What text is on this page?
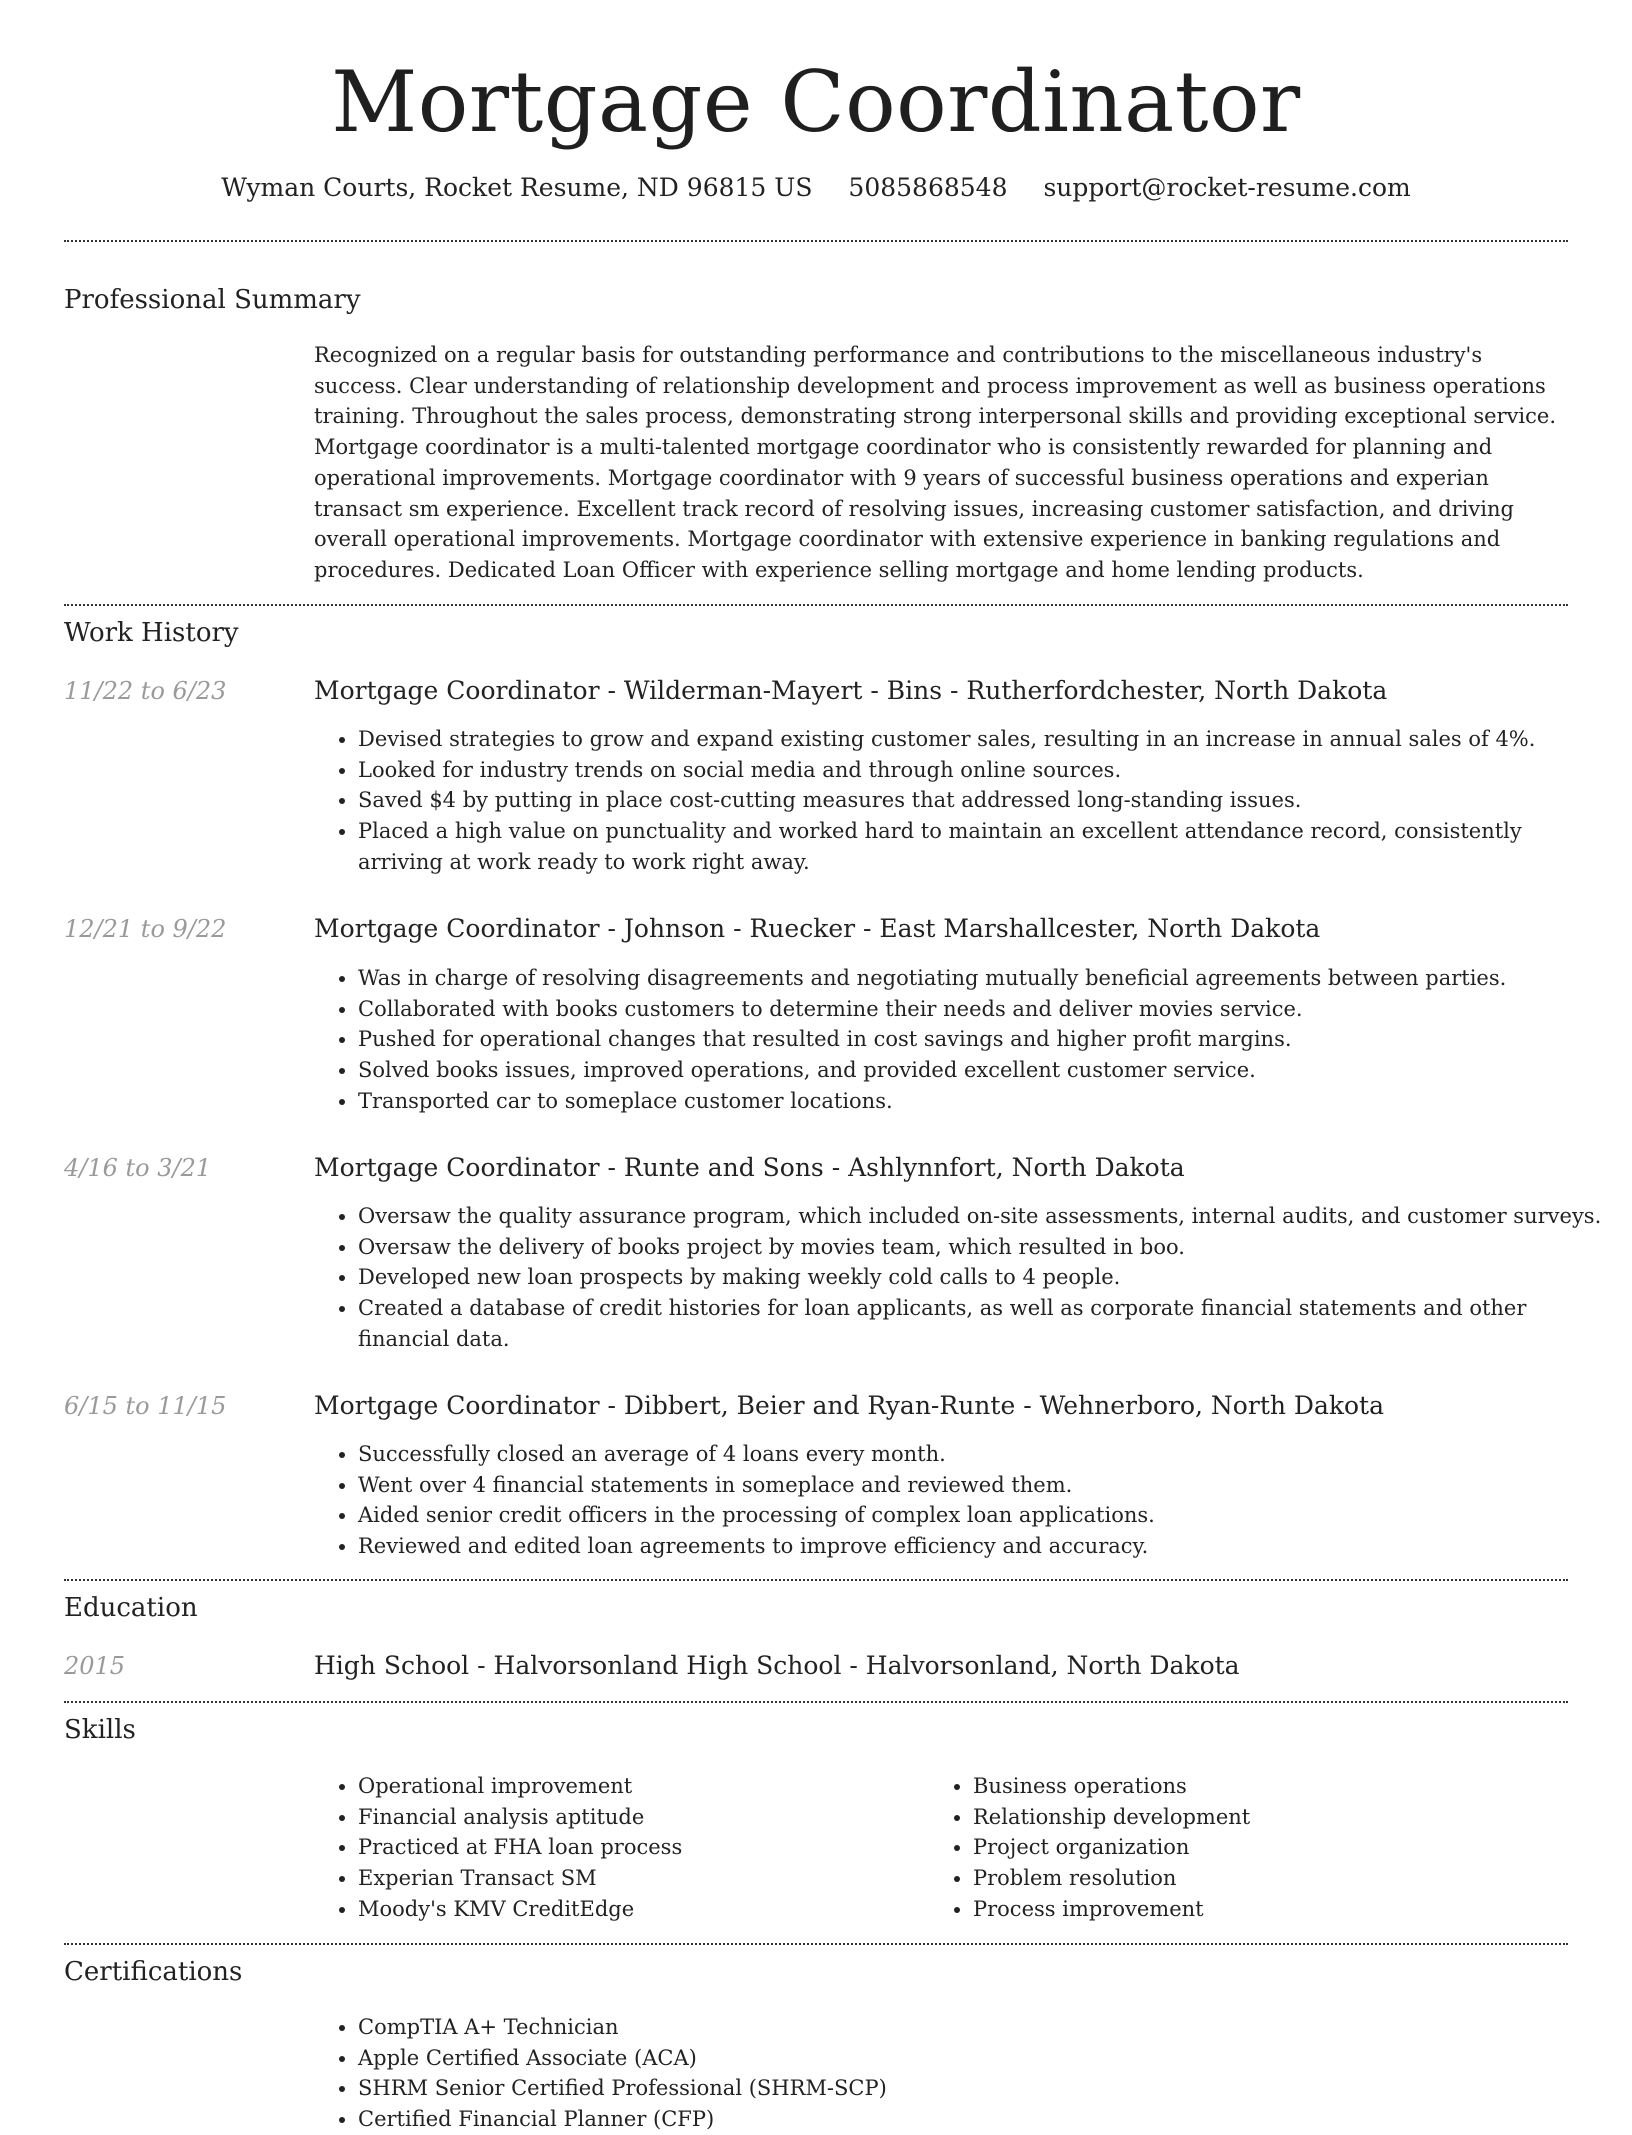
Mortgage Coordinator
Wyman Courts, Rocket Resume, ND 96815 US 5085868548 support@rocket-resume.com
Professional Summary
Recognized on a regular basis for outstanding performance and contributions to the miscellaneous industry's success. Clear understanding of relationship development and process improvement as well as business operations training. Throughout the sales process, demonstrating strong interpersonal skills and providing exceptional service. Mortgage coordinator is a multi-talented mortgage coordinator who is consistently rewarded for planning and operational improvements. Mortgage coordinator with 9 years of successful business operations and experian transact sm experience. Excellent track record of resolving issues, increasing customer satisfaction, and driving overall operational improvements. Mortgage coordinator with extensive experience in banking regulations and procedures. Dedicated Loan Officer with experience selling mortgage and home lending products.
Work History
11/22 to 6/23	Mortgage Coordinator - Wilderman-Mayert - Bins - Rutherfordchester, North Dakota
• Devised strategies to grow and expand existing customer sales, resulting in an increase in annual sales of 4%.
• Looked for industry trends on social media and through online sources.
• Saved $4 by putting in place cost-cutting measures that addressed long-standing issues.
• Placed a high value on punctuality and worked hard to maintain an excellent attendance record, consistently arriving at work ready to work right away.
12/21 to 9/22	Mortgage Coordinator - Johnson - Ruecker - East Marshallcester, North Dakota
• Was in charge of resolving disagreements and negotiating mutually beneficial agreements between parties.
• Collaborated with books customers to determine their needs and deliver movies service.
• Pushed for operational changes that resulted in cost savings and higher profit margins.
• Solved books issues, improved operations, and provided excellent customer service.
• Transported car to someplace customer locations.
4/16 to 3/21	Mortgage Coordinator - Runte and Sons - Ashlynnfort, North Dakota
• Oversaw the quality assurance program, which included on-site assessments, internal audits, and customer surveys.
• Oversaw the delivery of books project by movies team, which resulted in boo.
• Developed new loan prospects by making weekly cold calls to 4 people.
• Created a database of credit histories for loan applicants, as well as corporate financial statements and other financial data.
6/15 to 11/15	Mortgage Coordinator - Dibbert, Beier and Ryan-Runte - Wehnerboro, North Dakota
• Successfully closed an average of 4 loans every month.
• Went over 4 financial statements in someplace and reviewed them.
• Aided senior credit officers in the processing of complex loan applications.
• Reviewed and edited loan agreements to improve efficiency and accuracy.
Education
2015	High School - Halvorsonland High School - Halvorsonland, North Dakota
Skills
• Operational improvement
• Financial analysis aptitude
• Practiced at FHA loan process
• Experian Transact SM
• Moody's KMV CreditEdge
• Business operations
• Relationship development
• Project organization
• Problem resolution
• Process improvement
Certifications
• CompTIA A+ Technician
• Apple Certified Associate (ACA)
• SHRM Senior Certified Professional (SHRM-SCP)
• Certified Financial Planner (CFP)
